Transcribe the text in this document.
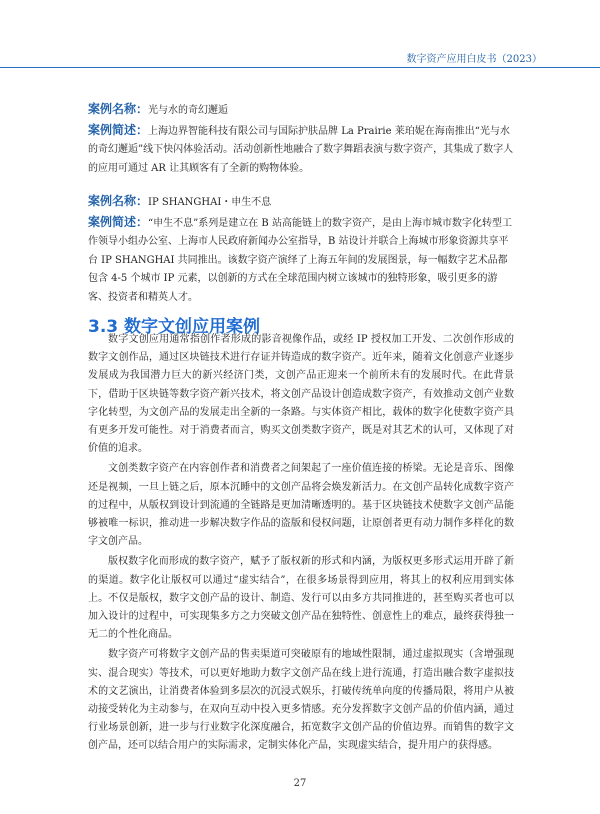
数字资产应用白皮书（2023）

案例名称：光与水的奇幻邂逅

案例简述：上海边界智能科技有限公司与国际护肤品牌 La Prairie 莱珀妮在海南推出“光与水的奇幻邂逅”线下快闪体验活动。活动创新性地融合了数字舞蹈表演与数字资产，其集成了数字人的应用可通过 AR 让其顾客有了全新的购物体验。

案例名称：IP SHANGHAI・申生不息

案例简述：“申生不息”系列是建立在 B 站高能链上的数字资产，是由上海市城市数字化转型工作领导小组办公室、上海市人民政府新闻办公室指导，B 站设计并联合上海城市形象资源共享平台 IP SHANGHAI 共同推出。该数字资产演绎了上海五年间的发展图景，每一幅数字艺术品都包含 4-5 个城市 IP 元素，以创新的方式在全球范围内树立该城市的独特形象，吸引更多的游客、投资者和精英人才。

3.3 数字文创应用案例

数字文创应用通常指创作者形成的影音视像作品，或经 IP 授权加工开发、二次创作形成的数字文创作品，通过区块链技术进行存证并铸造成的数字资产。近年来，随着文化创意产业逐步发展成为我国潜力巨大的新兴经济门类，文创产品正迎来一个前所未有的发展时代。在此背景下，借助于区块链等数字资产新兴技术，将文创产品设计创造成数字资产，有效推动文创产业数字化转型，为文创产品的发展走出全新的一条路。与实体资产相比，载体的数字化使数字资产具有更多开发可能性。对于消费者而言，购买文创类数字资产，既是对其艺术的认可，又体现了对价值的追求。

文创类数字资产在内容创作者和消费者之间架起了一座价值连接的桥梁。无论是音乐、图像还是视频，一旦上链之后，原本沉睡中的文创产品将会焕发新活力。在文创产品转化成数字资产的过程中，从版权到设计到流通的全链路是更加清晰透明的。基于区块链技术使数字文创产品能够被唯一标识，推动进一步解决数字作品的盗版和侵权问题，让原创者更有动力制作多样化的数字文创产品。

版权数字化而形成的数字资产，赋予了版权新的形式和内涵，为版权更多形式运用开辟了新的渠道。数字化让版权可以通过“虚实结合”，在很多场景得到应用，将其上的权利应用到实体上。不仅是版权，数字文创产品的设计、制造、发行可以由多方共同推进的，甚至购买者也可以加入设计的过程中，可实现集多方之力突破文创产品在独特性、创意性上的难点，最终获得独一无二的个性化商品。

数字资产可将数字文创产品的售卖渠道可突破原有的地域性限制，通过虚拟现实（含增强现实、混合现实）等技术，可以更好地助力数字文创产品在线上进行流通，打造出融合数字虚拟技术的文艺演出，让消费者体验到多层次的沉浸式娱乐，打破传统单向度的传播局限，将用户从被动接受转化为主动参与，在双向互动中投入更多情感。充分发挥数字文创产品的价值内涵，通过行业场景创新，进一步与行业数字化深度融合，拓宽数字文创产品的价值边界。而销售的数字文创产品，还可以结合用户的实际需求，定制实体化产品，实现虚实结合，提升用户的获得感。

27
